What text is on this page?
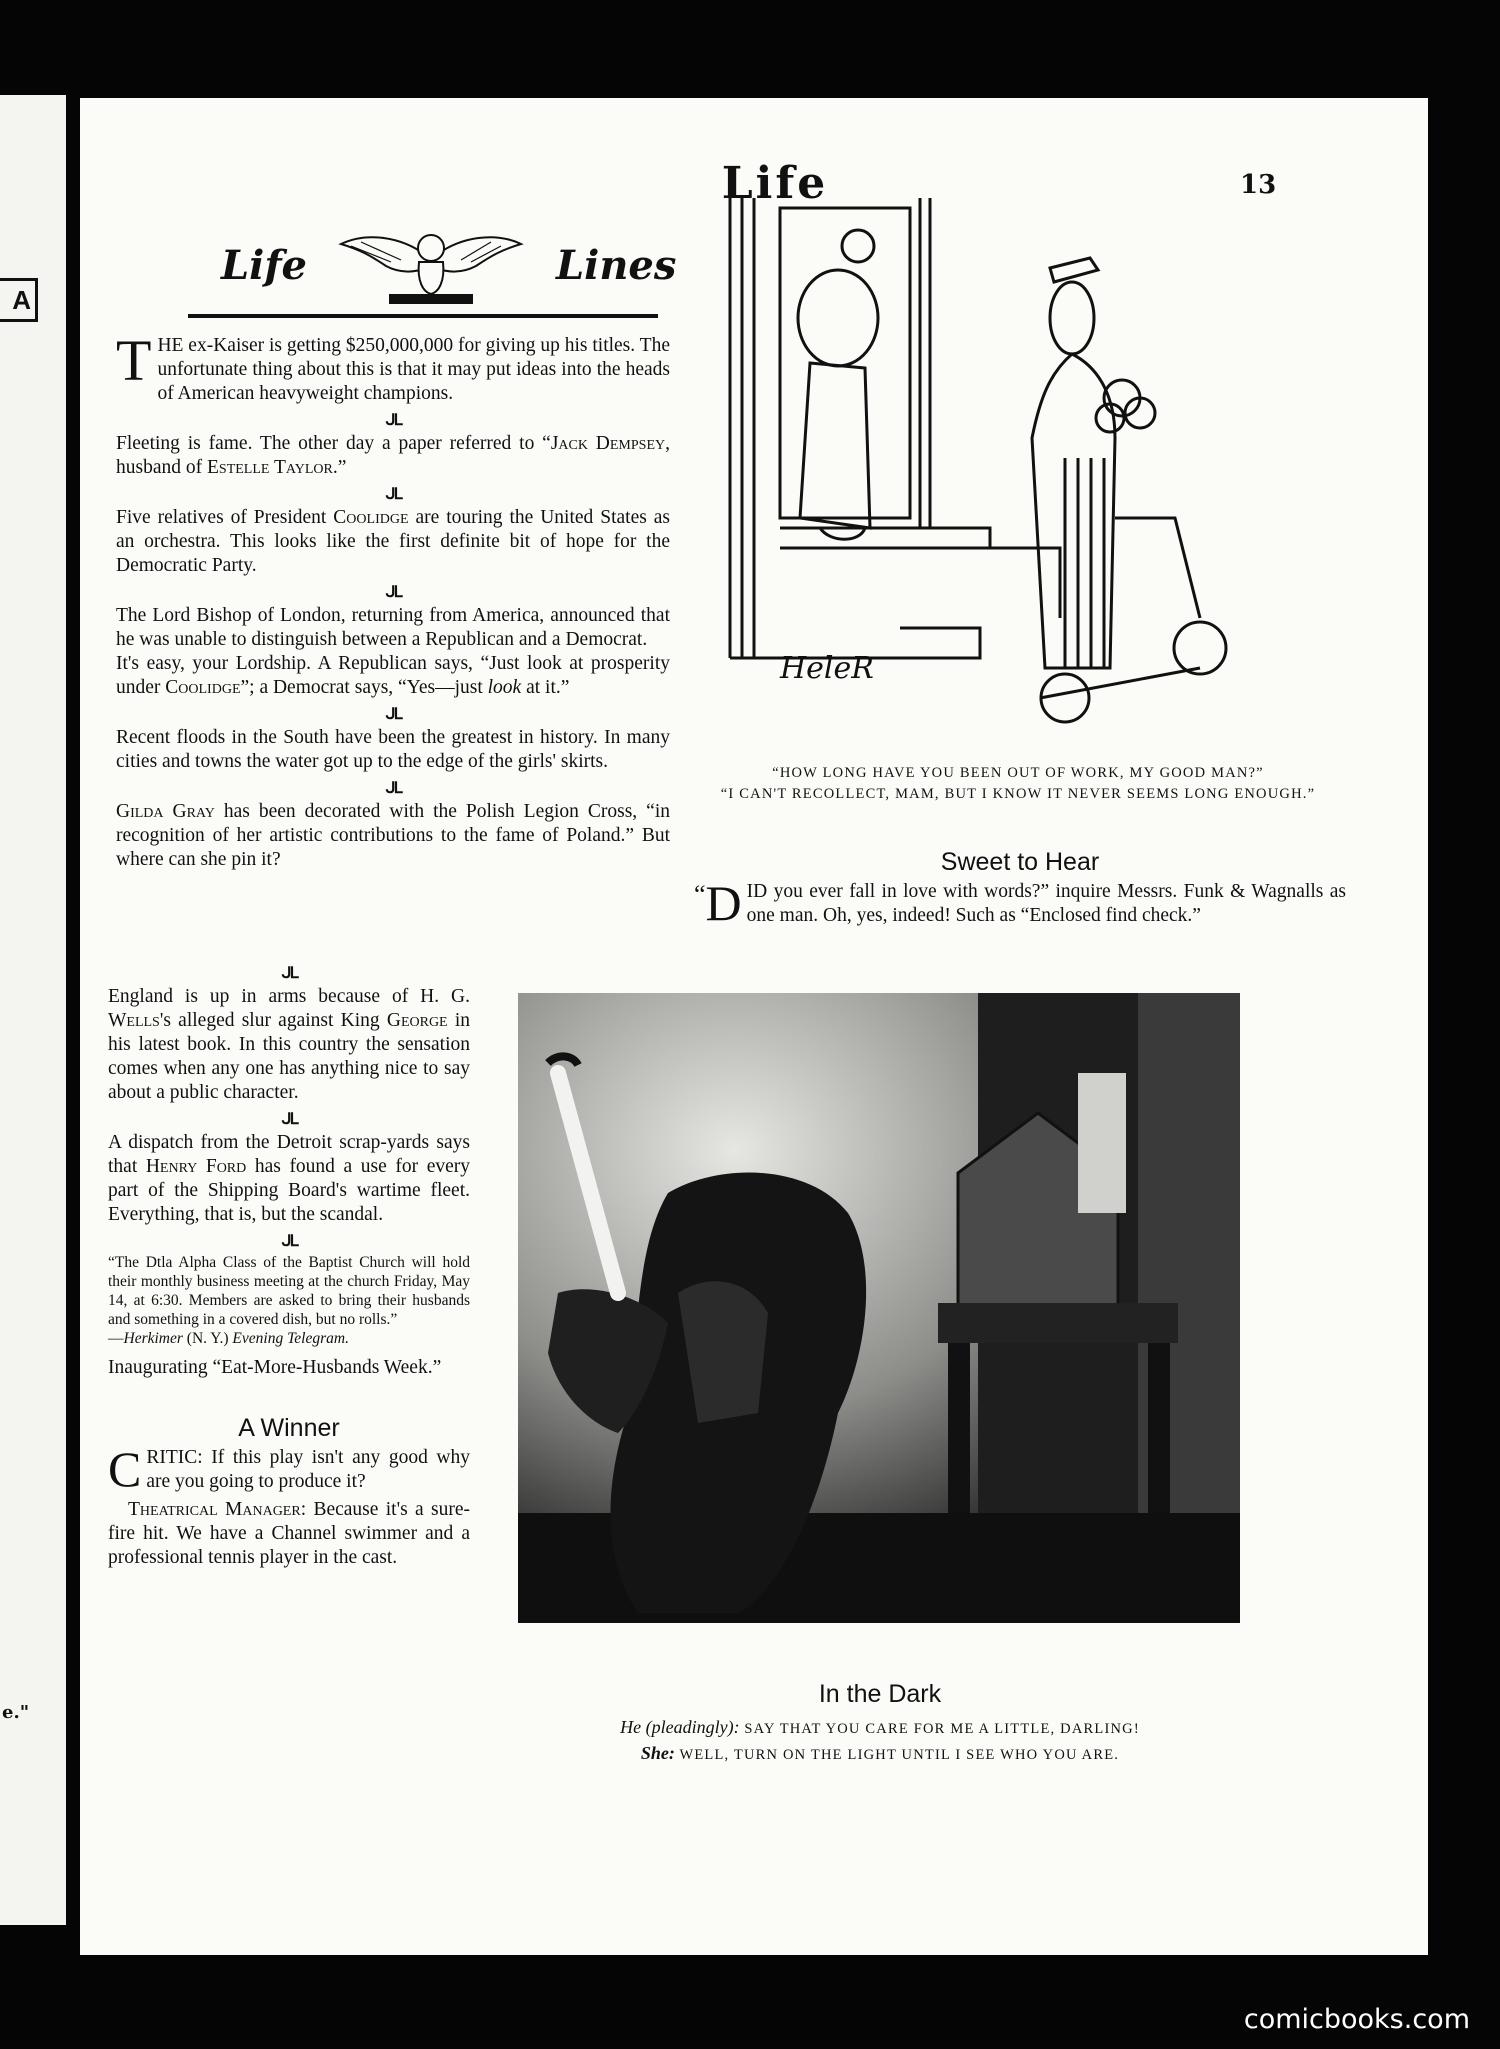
A
e."
Life	13
Life	Lines

THE ex-Kaiser is getting $250,000,000 for giving up his titles. The unfortunate thing about this is that it may put ideas into the heads of American heavyweight champions.

ᒍᒪ

Fleeting is fame. The other day a paper referred to “Jack Dempsey, husband of Estelle Taylor.”

ᒍᒪ

Five relatives of President Coolidge are touring the United States as an orchestra. This looks like the first definite bit of hope for the Democratic Party.

ᒍᒪ

The Lord Bishop of London, returning from America, announced that he was unable to distinguish between a Republican and a Democrat.
It's easy, your Lordship. A Republican says, “Just look at prosperity under Coolidge”; a Democrat says, “Yes—just look at it.”

ᒍᒪ

Recent floods in the South have been the greatest in history. In many cities and towns the water got up to the edge of the girls' skirts.

ᒍᒪ

Gilda Gray has been decorated with the Polish Legion Cross, “in recognition of her artistic contributions to the fame of Poland.” But where can she pin it?

ᒍᒪ

England is up in arms because of H. G. Wells's alleged slur against King George in his latest book. In this country the sensation comes when any one has anything nice to say about a public character.

ᒍᒪ

A dispatch from the Detroit scrap-yards says that Henry Ford has found a use for every part of the Shipping Board's wartime fleet. Everything, that is, but the scandal.

ᒍᒪ

“The Dtla Alpha Class of the Baptist Church will hold their monthly business meeting at the church Friday, May 14, at 6:30. Members are asked to bring their husbands and something in a covered dish, but no rolls.”
—Herkimer (N. Y.) Evening Telegram.

Inaugurating “Eat-More-Husbands Week.”

A Winner

CRITIC: If this play isn't any good why are you going to produce it?

Theatrical Manager: Because it's a sure-fire hit. We have a Channel swimmer and a professional tennis player in the cast.

HeleR
“HOW LONG HAVE YOU BEEN OUT OF WORK, MY GOOD MAN?”
“I CAN'T RECOLLECT, MAM, BUT I KNOW IT NEVER SEEMS LONG ENOUGH.”
Sweet to Hear

“ D ID you ever fall in love with words?” inquire Messrs. Funk & Wagnalls as one man. Oh, yes, indeed! Such as “Enclosed find check.”

In the Dark
He (pleadingly): SAY THAT YOU CARE FOR ME A LITTLE, DARLING!
She: WELL, TURN ON THE LIGHT UNTIL I SEE WHO YOU ARE.
comicbooks.com
